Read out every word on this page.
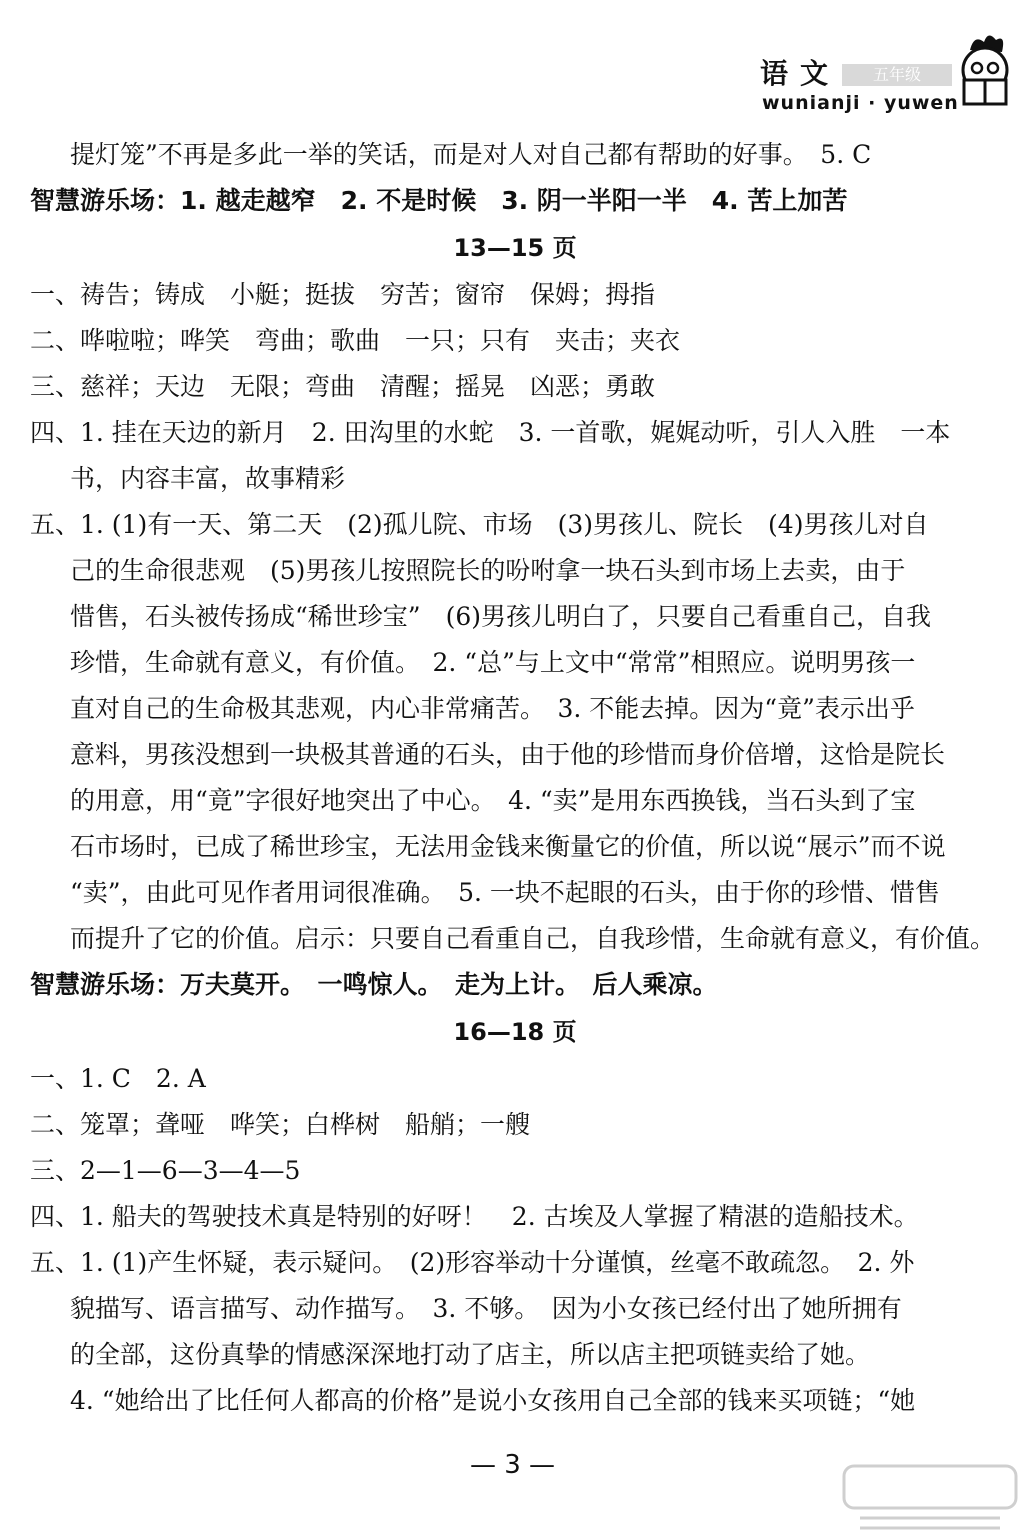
语文	五年级
wunianji · yuwen
提灯笼”不再是多此一举的笑话，而是对人对自己都有帮助的好事。　5. C
智慧游乐场：1. 越走越窄　2. 不是时候　3. 阴一半阳一半　4. 苦上加苦
13—15 页
一、祷告；铸成　小艇；挺拔　穷苦；窗帘　保姆；拇指
二、哗啦啦；哗笑　弯曲；歌曲　一只；只有　夹击；夹衣
三、慈祥；天边　无限；弯曲　清醒；摇晃　凶恶；勇敢
四、1. 挂在天边的新月　2. 田沟里的水蛇　3. 一首歌，娓娓动听，引人入胜　一本
书，内容丰富，故事精彩
五、1. (1)有一天、第二天　(2)孤儿院、市场　(3)男孩儿、院长　(4)男孩儿对自
己的生命很悲观　(5)男孩儿按照院长的吩咐拿一块石头到市场上去卖，由于
惜售，石头被传扬成“稀世珍宝”　(6)男孩儿明白了，只要自己看重自己，自我
珍惜，生命就有意义，有价值。　2. “总”与上文中“常常”相照应。说明男孩一
直对自己的生命极其悲观，内心非常痛苦。　3. 不能去掉。因为“竟”表示出乎
意料，男孩没想到一块极其普通的石头，由于他的珍惜而身价倍增，这恰是院长
的用意，用“竟”字很好地突出了中心。　4. “卖”是用东西换钱，当石头到了宝
石市场时，已成了稀世珍宝，无法用金钱来衡量它的价值，所以说“展示”而不说
“卖”，由此可见作者用词很准确。　5. 一块不起眼的石头，由于你的珍惜、惜售
而提升了它的价值。启示：只要自己看重自己，自我珍惜，生命就有意义，有价值。
智慧游乐场：万夫莫开。　一鸣惊人。　走为上计。　后人乘凉。
16—18 页
一、1. C　2. A
二、笼罩；聋哑　哗笑；白桦树　船艄；一艘
三、2—1—6—3—4—5
四、1. 船夫的驾驶技术真是特别的好呀！　2. 古埃及人掌握了精湛的造船技术。
五、1. (1)产生怀疑，表示疑问。　(2)形容举动十分谨慎，丝毫不敢疏忽。　2. 外
貌描写、语言描写、动作描写。　3. 不够。　因为小女孩已经付出了她所拥有
的全部，这份真挚的情感深深地打动了店主，所以店主把项链卖给了她。
4. “她给出了比任何人都高的价格”是说小女孩用自己全部的钱来买项链；“她
— 3 —
